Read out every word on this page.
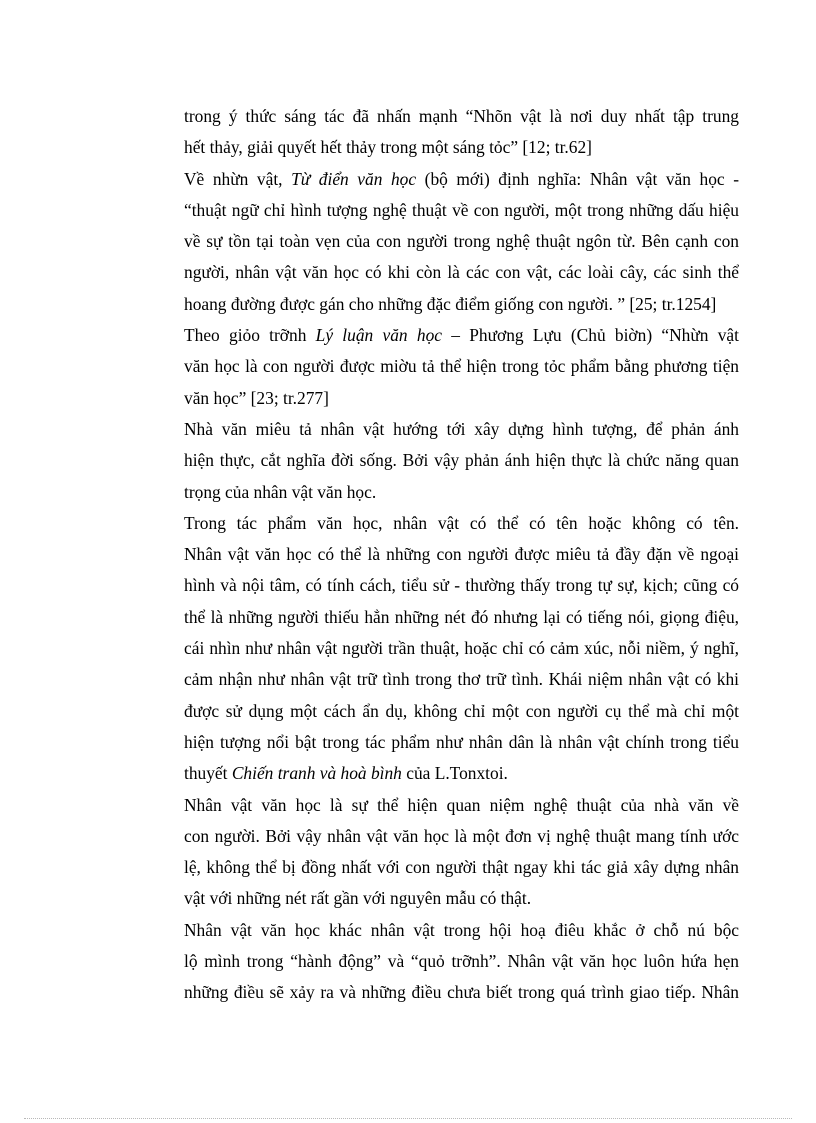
trong ý thức sáng tác đã nhấn mạnh “Nhõn vật là nơi duy nhất tập trung
hết thảy, giải quyết hết thảy trong một sáng tỏc” [12; tr.62]
Về nhừn vật, Từ điển văn học (bộ mới) định nghĩa: Nhân vật văn học -
“thuật ngữ chỉ hình tượng nghệ thuật về con người, một trong những dấu hiệu
về sự tồn tại toàn vẹn của con người trong nghệ thuật ngôn từ. Bên cạnh con
người, nhân vật văn học có khi còn là các con vật, các loài cây, các sinh thể
hoang đường được gán cho những đặc điểm giống con người. ” [25; tr.1254]
Theo giỏo trỡnh Lý luận văn học – Phương Lựu (Chủ biờn) “Nhừn vật
văn học là con người được miờu tả thể hiện trong tỏc phẩm bằng phương tiện
văn học” [23; tr.277]
Nhà văn miêu tả nhân vật hướng tới xây dựng hình tượng, để phản ánh
hiện thực, cắt nghĩa đời sống. Bởi vậy phản ánh hiện thực là chức năng quan
trọng của nhân vật văn học.
Trong tác phẩm văn học, nhân vật có thể có tên hoặc không có tên.
Nhân vật văn học có thể là những con người được miêu tả đầy đặn về ngoại
hình và nội tâm, có tính cách, tiểu sử - thường thấy trong tự sự, kịch; cũng có
thể là những người thiếu hẳn những nét đó nhưng lại có tiếng nói, giọng điệu,
cái nhìn như nhân vật người trần thuật, hoặc chỉ có cảm xúc, nỗi niềm, ý nghĩ,
cảm nhận như nhân vật trữ tình trong thơ trữ tình. Khái niệm nhân vật có khi
được sử dụng một cách ẩn dụ, không chỉ một con người cụ thể mà chỉ một
hiện tượng nổi bật trong tác phẩm như nhân dân là nhân vật chính trong tiểu
thuyết Chiến tranh và hoà bình của L.Tonxtoi.
Nhân vật văn học là sự thể hiện quan niệm nghệ thuật của nhà văn về
con người. Bởi vậy nhân vật văn học là một đơn vị nghệ thuật mang tính ước
lệ, không thể bị đồng nhất với con người thật ngay khi tác giả xây dựng nhân
vật với những nét rất gần với nguyên mẫu có thật.
Nhân vật văn học khác nhân vật trong hội hoạ điêu khắc ở chỗ nú bộc
lộ mình trong “hành động” và “quỏ trỡnh”. Nhân vật văn học luôn hứa hẹn
những điều sẽ xảy ra và những điều chưa biết trong quá trình giao tiếp. Nhân
